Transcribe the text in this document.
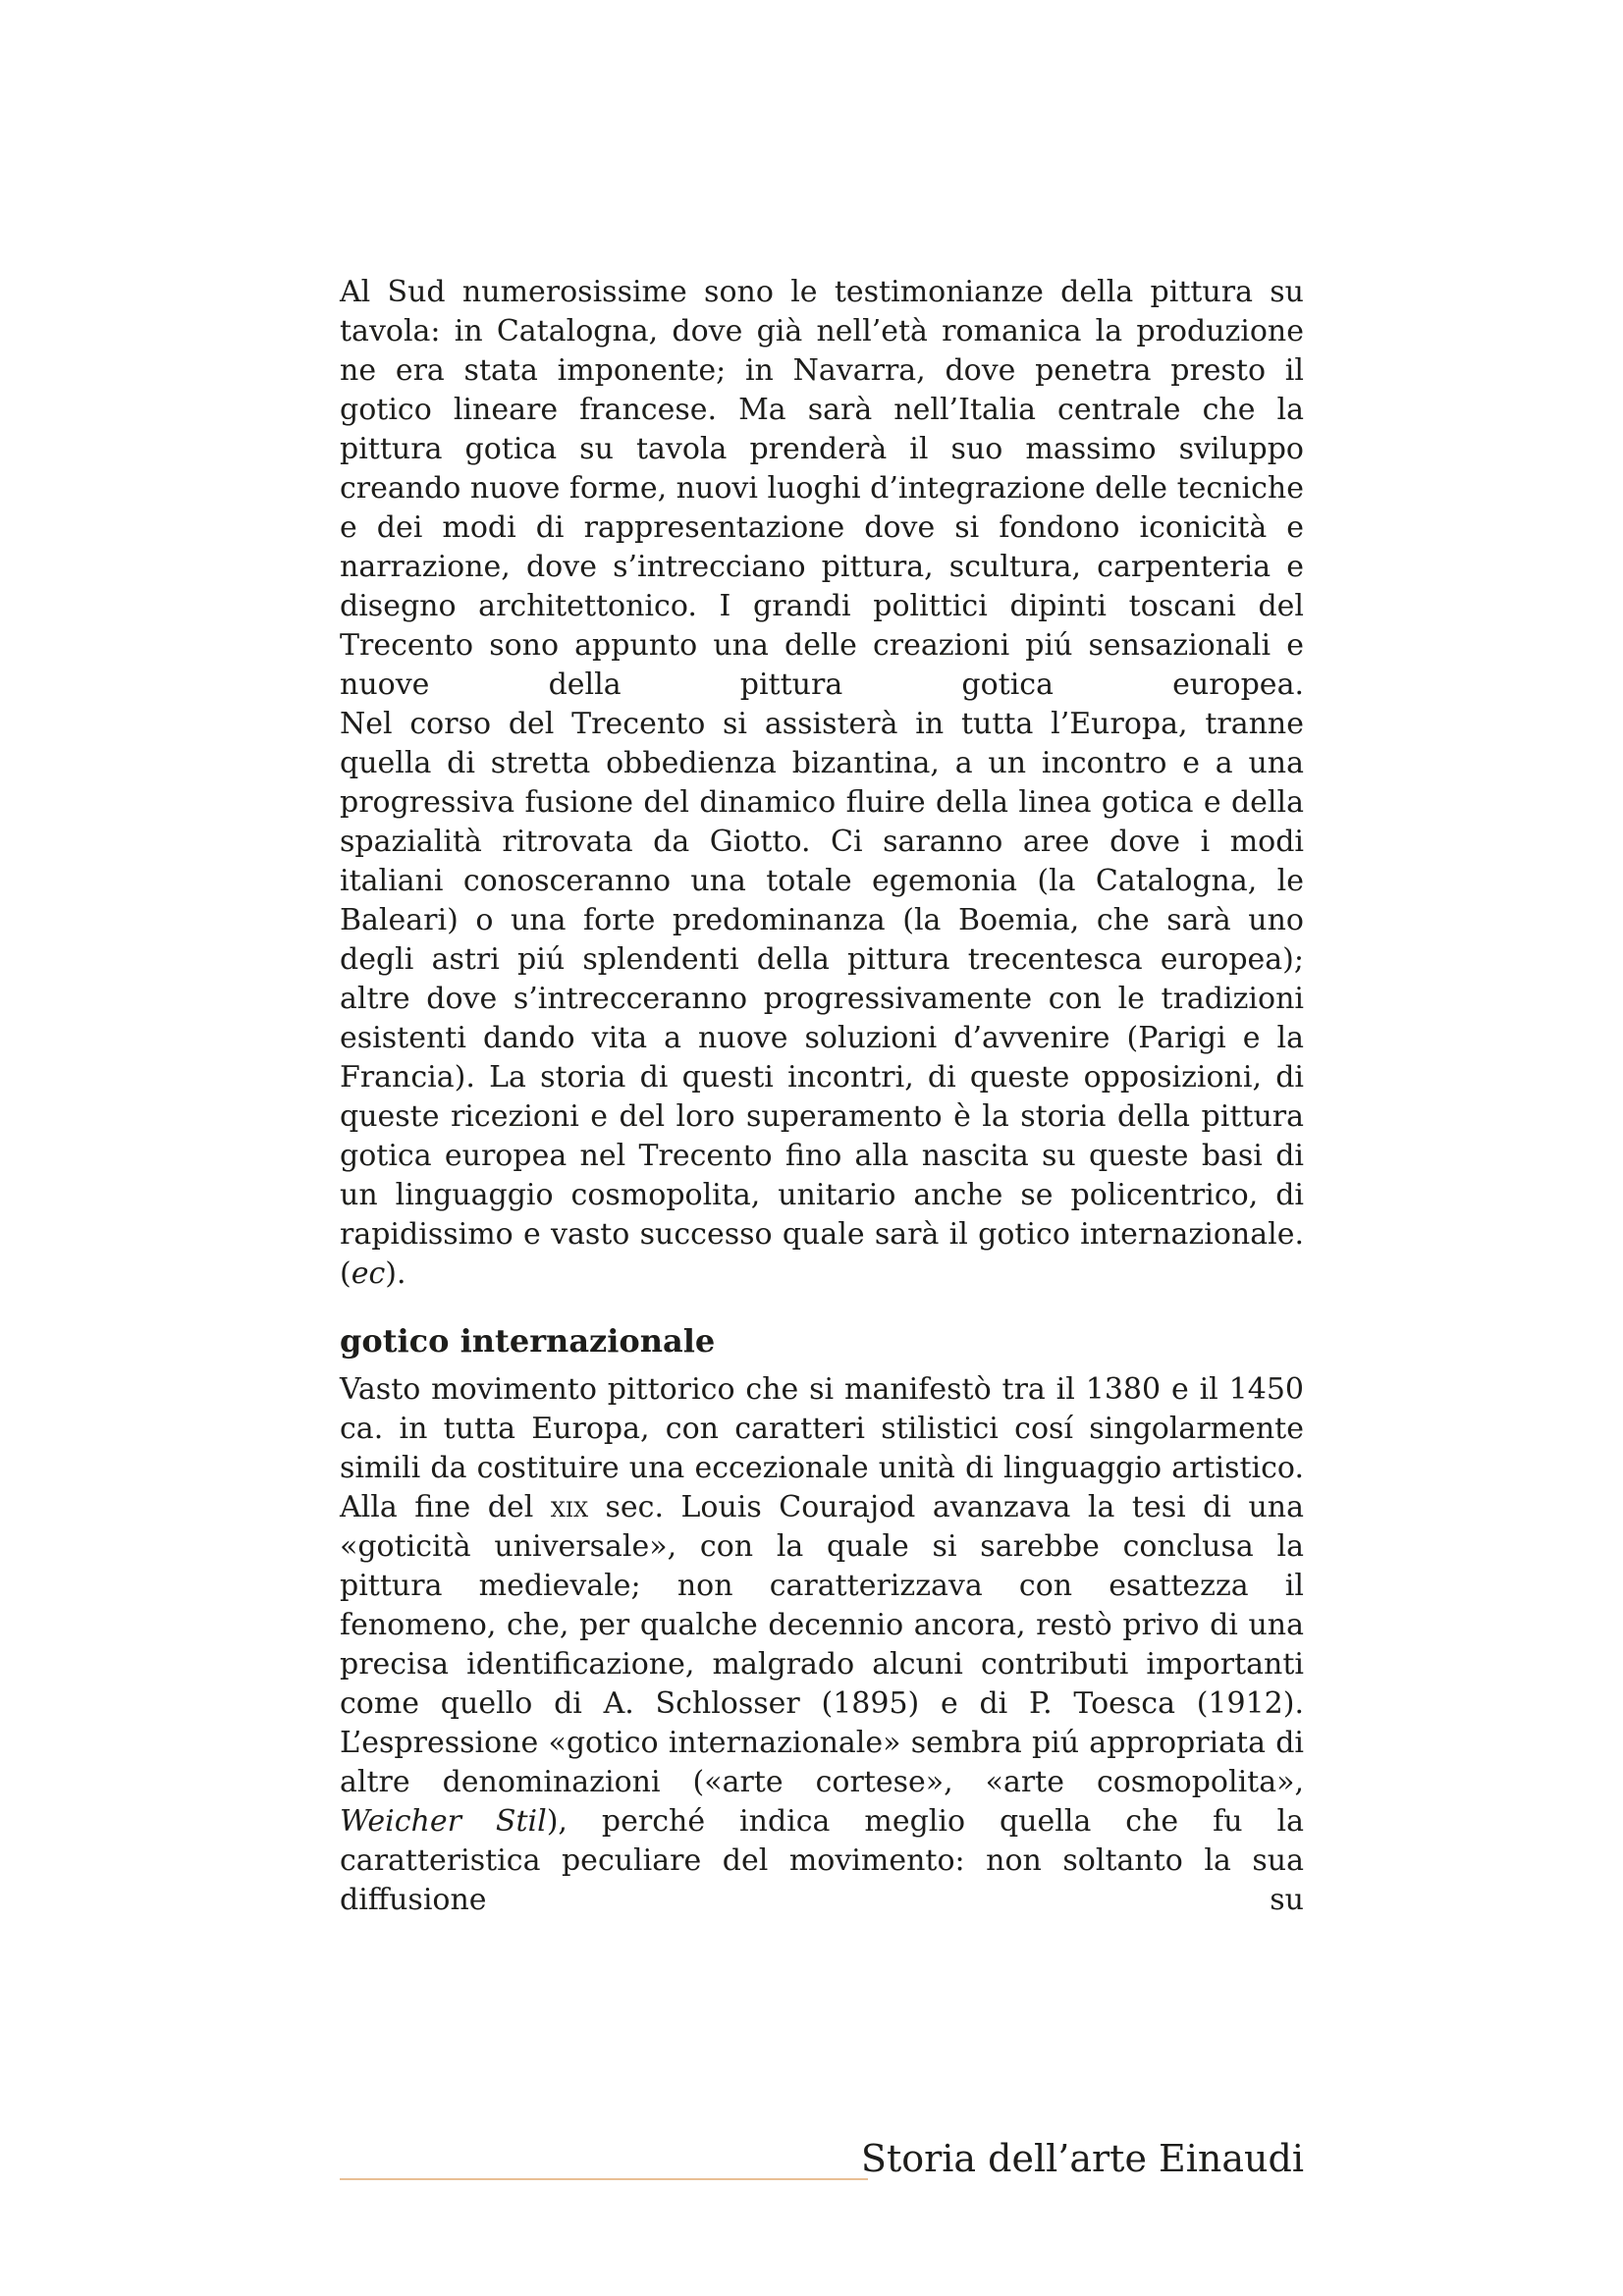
Al Sud numerosissime sono le testimonianze della pittura su tavola: in Catalogna, dove già nell’età romanica la produzione ne era stata imponente; in Navarra, dove penetra presto il gotico lineare francese. Ma sarà nell’Italia centrale che la pittura gotica su tavola prenderà il suo massimo sviluppo creando nuove forme, nuovi luoghi d’integrazione delle tecniche e dei modi di rappresentazione dove si fondono iconicità e narrazione, dove s’intrecciano pittura, scultura, carpenteria e disegno architettonico. I grandi polittici dipinti toscani del Trecento sono appunto una delle creazioni piú sensazionali e nuove della pittura gotica europea.

Nel corso del Trecento si assisterà in tutta l’Europa, tranne quella di stretta obbedienza bizantina, a un incontro e a una progressiva fusione del dinamico fluire della linea gotica e della spazialità ritrovata da Giotto. Ci saranno aree dove i modi italiani conosceranno una totale egemonia (la Catalogna, le Baleari) o una forte predominanza (la Boemia, che sarà uno degli astri piú splendenti della pittura trecentesca europea); altre dove s’intrecceranno progressivamente con le tradizioni esistenti dando vita a nuove soluzioni d’avvenire (Parigi e la Francia). La storia di questi incontri, di queste opposizioni, di queste ricezioni e del loro superamento è la storia della pittura gotica europea nel Trecento fino alla nascita su queste basi di un linguaggio cosmopolita, unitario anche se policentrico, di rapidissimo e vasto successo quale sarà il gotico internazionale. (ec).

gotico internazionale

Vasto movimento pittorico che si manifestò tra il 1380 e il 1450 ca. in tutta Europa, con caratteri stilistici cosí singolarmente simili da costituire una eccezionale unità di linguaggio artistico. Alla fine del xix sec. Louis Courajod avanzava la tesi di una «goticità universale», con la quale si sarebbe conclusa la pittura medievale; non caratterizzava con esattezza il fenomeno, che, per qualche decennio ancora, restò privo di una precisa identificazione, malgrado alcuni contributi importanti come quello di A. Schlosser (1895) e di P. Toesca (1912). L’espressione «gotico internazionale» sembra piú appropriata di altre denominazioni («arte cortese», «arte cosmopolita», Weicher Stil), perché indica meglio quella che fu la caratteristica peculiare del movimento: non soltanto la sua diffusione su

Storia dell’arte Einaudi
